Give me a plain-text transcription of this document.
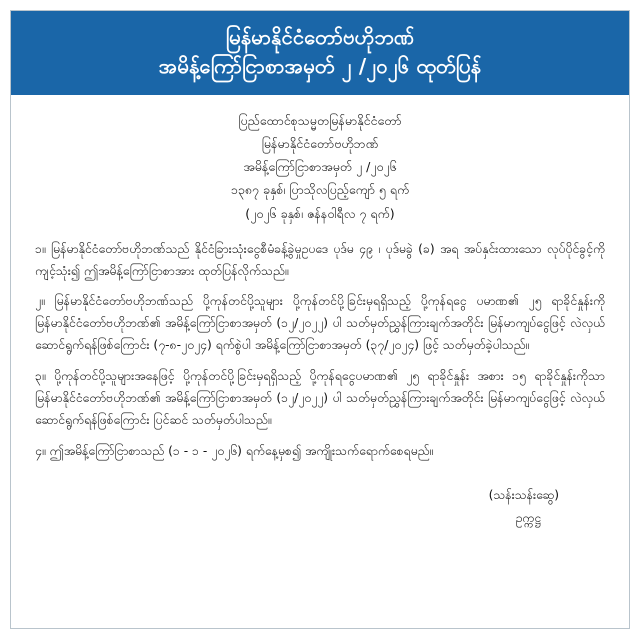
မြန်မာနိုင်ငံတော်ဗဟိုဘဏ်
အမိန့်ကြော်ငြာစာအမှတ် ၂ /၂၀၂၆ ထုတ်ပြန်
ပြည်ထောင်စုသမ္မတမြန်မာနိုင်ငံတော်
မြန်မာနိုင်ငံတော်ဗဟိုဘဏ်
အမိန့်ကြော်ငြာစာအမှတ် ၂ /၂၀၂၆
၁၃၈၇ ခုနှစ်၊ ပြာသိုလပြည့်ကျော် ၅ ရက်
(၂၀၂၆ ခုနှစ်၊ ဇန်နဝါရီလ ၇ ရက်)
၁။ မြန်မာနိုင်ငံတော်ဗဟိုဘဏ်သည် နိုင်ငံခြားသုံးငွေစီမံခန့်ခွဲမှုဥပဒေ ပုဒ်မ ၄၉ ၊ ပုဒ်မခွဲ (ခ) အရ အပ်နှင်းထားသော လုပ်ပိုင်ခွင့်ကို ကျင့်သုံး၍ ဤအမိန့်ကြော်ငြာစာအား ထုတ်ပြန်လိုက်သည်။
၂။ မြန်မာနိုင်ငံတော်ဗဟိုဘဏ်သည် ပို့ကုန်တင်ပို့သူများ ပို့ကုန်တင်ပို့ခြင်းမှရရှိသည့် ပို့ကုန်ရငွေ ပမာဏ၏ ၂၅ ရာခိုင်နှုန်းကို မြန်မာနိုင်ငံတော်ဗဟိုဘဏ်၏ အမိန့်ကြော်ငြာစာအမှတ် (၁၂/၂၀၂၂) ပါ သတ်မှတ်ညွှန်ကြားချက်အတိုင်း မြန်မာကျပ်ငွေဖြင့် လဲလှယ်ဆောင်ရွက်ရန်ဖြစ်ကြောင်း (၇-၈-၂၀၂၄) ရက်စွဲပါ အမိန့်ကြော်ငြာစာအမှတ် (၃၇/၂၀၂၄) ဖြင့် သတ်မှတ်ခဲ့ပါသည်။
၃။ ပို့ကုန်တင်ပို့သူများအနေဖြင့် ပို့ကုန်တင်ပို့ခြင်းမှရရှိသည့် ပို့ကုန်ရငွေပမာဏ၏ ၂၅ ရာခိုင်နှုန်း အစား ၁၅ ရာခိုင်နှုန်းကိုသာ မြန်မာနိုင်ငံတော်ဗဟိုဘဏ်၏ အမိန့်ကြော်ငြာစာအမှတ် (၁၂/၂၀၂၂) ပါ သတ်မှတ်ညွှန်ကြားချက်အတိုင်း မြန်မာကျပ်ငွေဖြင့် လဲလှယ်ဆောင်ရွက်ရန်ဖြစ်ကြောင်း ပြင်ဆင် သတ်မှတ်ပါသည်။
၄။ ဤအမိန့်ကြော်ငြာစာသည် (၁ - ၁ - ၂၀၂၆) ရက်နေ့မှစ၍ အကျိုးသက်ရောက်စေရမည်။
(သန်းသန်းဆွေ)
ဥက္ကဋ္ဌ
